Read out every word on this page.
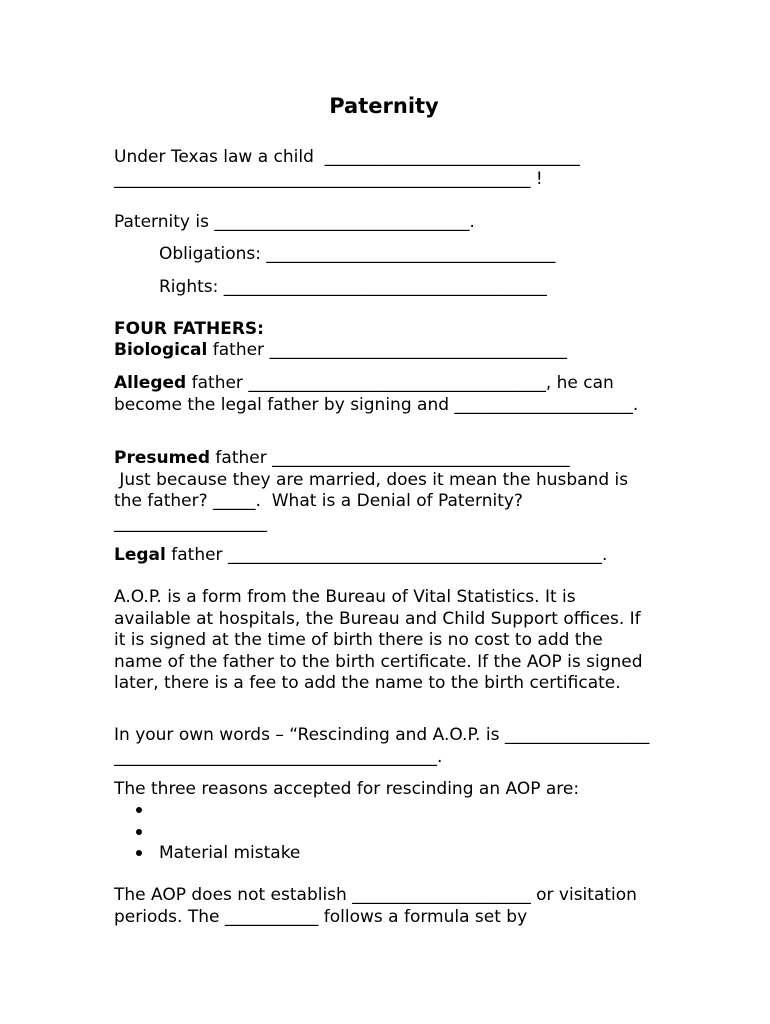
Paternity
Under Texas law a child  ______________________________
_________________________________________________ !
Paternity is ______________________________.
Obligations: __________________________________
Rights: ______________________________________
FOUR FATHERS:
Biological father ___________________________________
Alleged father ___________________________________, he can become the legal father by signing and _____________________.
Presumed father ___________________________________
Just because they are married, does it mean the husband is the father? _____.  What is a Denial of Paternity? __________________
Legal father ____________________________________________.
A.O.P. is a form from the Bureau of Vital Statistics. It is available at hospitals, the Bureau and Child Support offices. If it is signed at the time of birth there is no cost to add the name of the father to the birth certificate. If the AOP is signed later, there is a fee to add the name to the birth certificate.
In your own words – “Rescinding and A.O.P. is _________________ ______________________________________.
The three reasons accepted for rescinding an AOP are:
Material mistake
The AOP does not establish _____________________ or visitation periods. The ___________ follows a formula set by
